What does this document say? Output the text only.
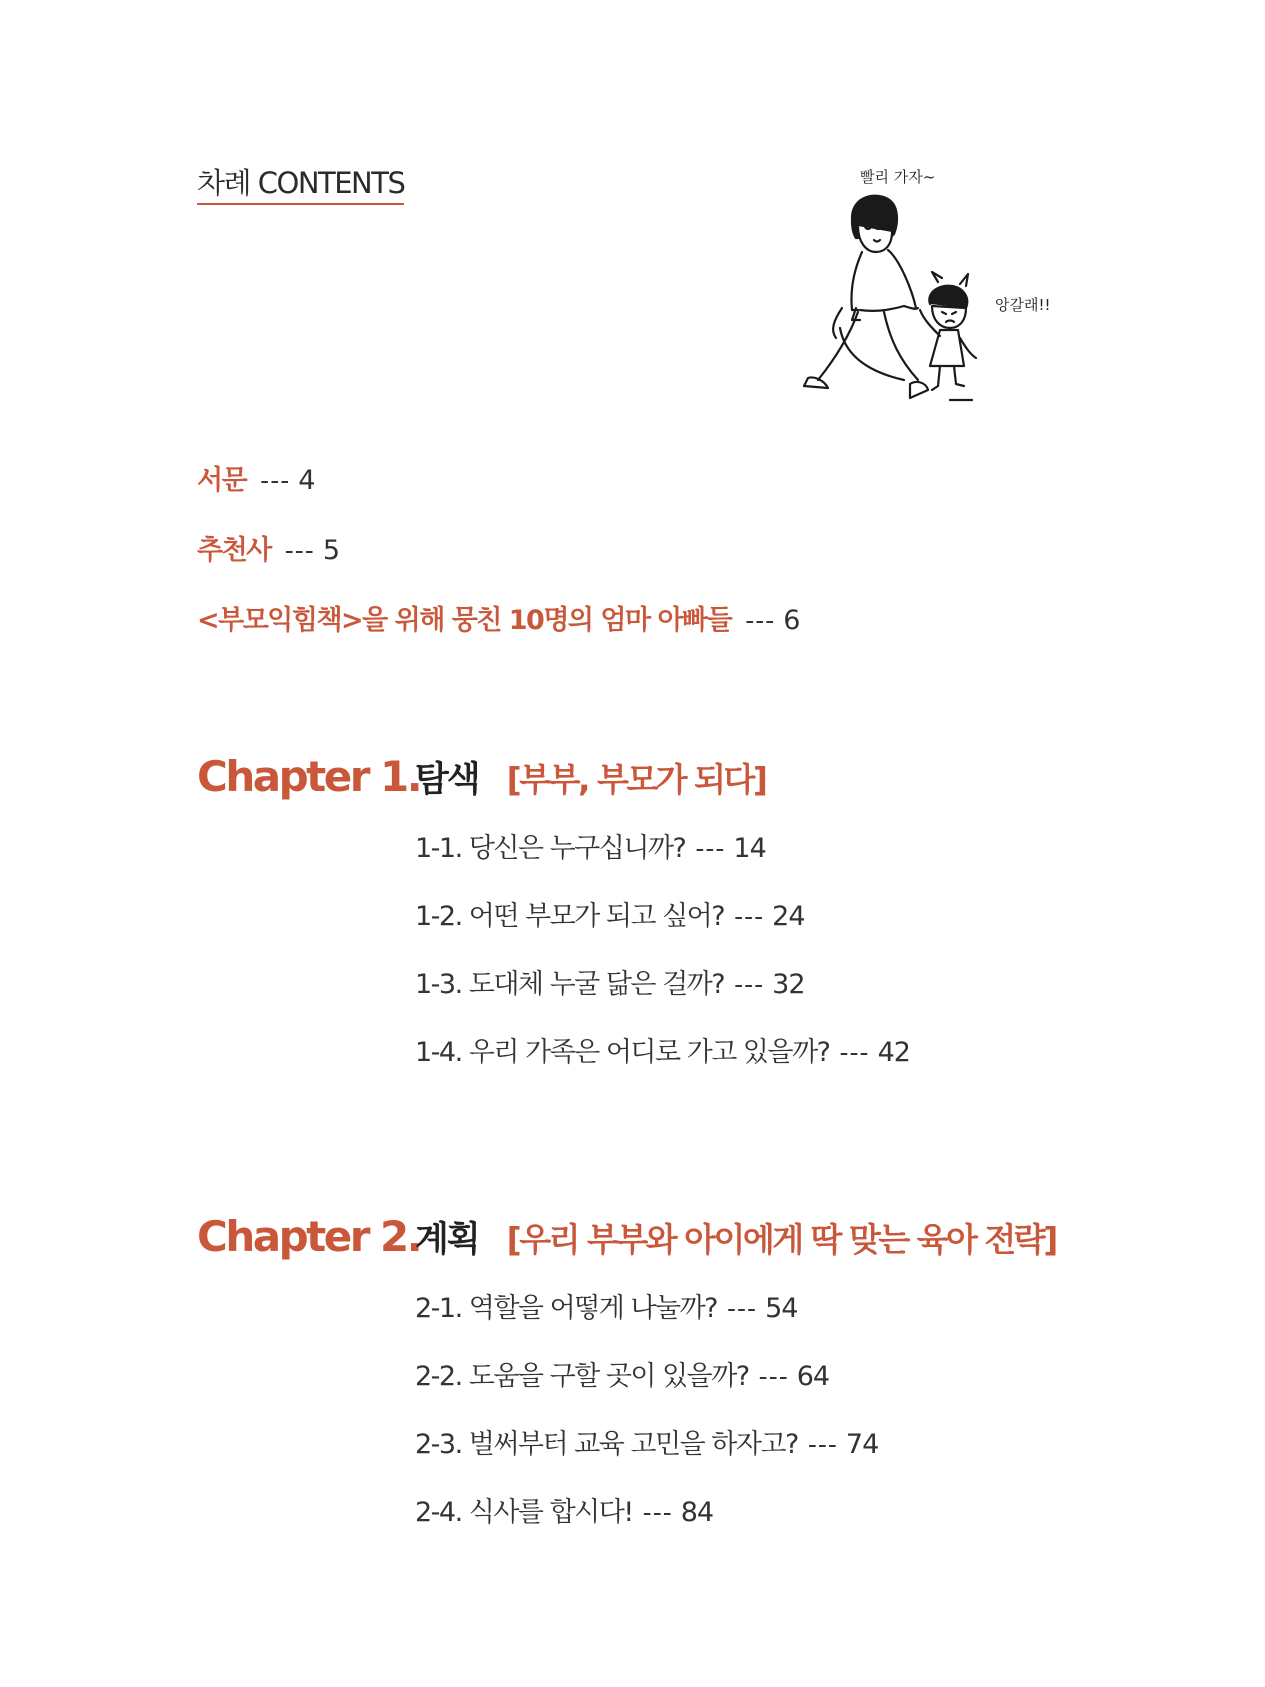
차례 CONTENTS	빨리 가자~
앙갈래!!
서문 --- 4
추천사 --- 5
<부모익힘책>을 위해 뭉친 10명의 엄마 아빠들 --- 6
Chapter 1.
탐색 [부부, 부모가 되다]
1-1. 당신은 누구십니까? --- 14
1-2. 어떤 부모가 되고 싶어? --- 24
1-3. 도대체 누굴 닮은 걸까? --- 32
1-4. 우리 가족은 어디로 가고 있을까? --- 42
Chapter 2.
계획 [우리 부부와 아이에게 딱 맞는 육아 전략]
2-1. 역할을 어떻게 나눌까? --- 54
2-2. 도움을 구할 곳이 있을까? --- 64
2-3. 벌써부터 교육 고민을 하자고? --- 74
2-4. 식사를 합시다! --- 84
